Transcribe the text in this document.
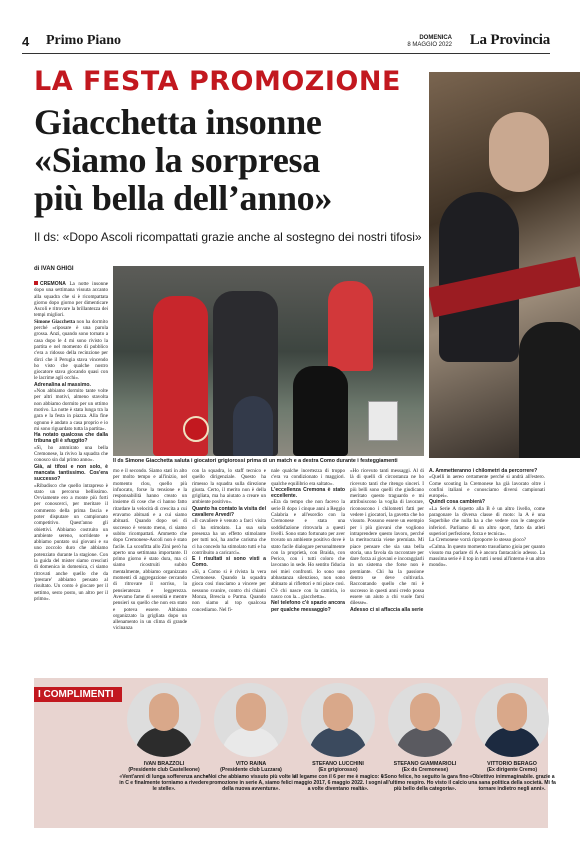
4 Primo Piano	DOMENICA
8 MAGGIO 2022 La Provincia
LA FESTA PROMOZIONE
Giacchetta insonne
«Siamo la sorpresa
più bella dell’anno»
Il ds: «Dopo Ascoli ricompattati grazie anche al sostegno dei nostri tifosi»
di IVAN GHIGI
Il ds Simone Giacchetta saluta i giocatori grigiorossi prima di un match e a destra Como durante i festeggiamenti

CREMONA La notte insonne dopo una settimana vissuta accanto alla squadra che si è ricompattata giorno dopo giorno per dimenticare Ascoli e ritrovare la brillantezza dei tempi migliori.

Simone Giacchetta non ha dormito perché «riposare è una parola grossa. Anzi, quando sono tornato a casa dopo le 4 mi sono rivisto la partita e nel momento di pubblico c'era a ridosso della recinzione per dirci che il Perugia stava vincendo ho visto che qualche nostro giocatore stava giocando quasi con le lacrime agli occhi».

Adrenalina al massimo.

«Non abbiamo dormito tante volte per altri motivi, almeno stavolta non abbiamo dormito per un ottimo motivo. La notte è stata lunga tra la gara e la festa in piazza. Alla fine ognuno è andato a casa proprio e io mi sono riguardato tutta la partita».

Ha notato qualcosa che dalla tribuna gli è sfuggito?

«Sì, ho ammirato una bella Cremonese, la rivivo la squadra che conosco sin dal primo anno».

Già, ai tifosi e non solo, è mancata tantissimo. Cos'era successo?

«Ribadisco che quello intrapreso è stato un percorso bellissimo. Ovviamente ero a monte più forti per conoscerci, per meritare il commento della prima fascia e poter disputare un campionato competitivo. Quest'anno gli obiettivi. Abbiamo costruito un ambiente sereno, sorridente e abbiamo puntato sui giovani e su uno zoccolo duro che abbiamo potenziato durante la stagione. Con la guida del mister siamo cresciuti di domenica in domenica, ci siamo ritrovati anche quello che da 'prestare' abbiamo pensato al risultato. Un conto è giocare per il settimo, sesto posto, un altro per il primo».

mo e il secondo. Siamo stati in alto per molto tempo e all'inizio, nel momento clou, quello più infuocato, forse la tensione e la responsabilità hanno creato un insieme di cose che ci hanno fatto ritardare la velocità di crescita a cui eravamo abituati e a cui siamo abituati. Quando dopo sei di successo è venuto meno, ci siamo subito ricompattati. Ammetto che dopo Cremonese-Ascoli non è stato facile. La sconfitta allo Zini però ha aperto una settimana importante. Il primo giorno è stato dura, ma ci siamo ricostruiti subito mentalmente, abbiamo organizzato momenti di aggregazione cercando di ritrovare il sorriso, la pensieratezza e leggerezza. Avevamo fame di serenità e mentre pensieri su quello che non era stato e poteva essere. Abbiamo organizzato la grigliata dopo un allenamento in un clima di grande vicinanza

con la squadra, lo staff tecnico e quello dirigenziale. Questo ha rimesso la squadra sulla direzione giusta. Certo, il merito non è della grigliata, ma ha aiutato a creare un ambiente positivo».

Quanto ha contato la visita del cavaliere Arvedi?

«Il cavaliere è venuto a farci visita ci ha stimolato. La sua sola presenza ha un effetto stimolante per tutti noi, ha anche carisma che ci ha concedo ha stimolato tutti e ha contribuito a caricarci».

E i risultati si sono visti a Como.

«Sì, a Como si è rivista la vera Cremonese. Quando la squadra gioca così riusciamo a vincere per nessuno svanire, contro chi chiami Monza, Brescia o Parma. Quando non siamo al top qualcosa concediamo. Nel fi-

nale qualche incertezza di troppo c'era va condizionato i maggiori. qualche equilibrio era saltato».

L'eccellenza Cremona è stato eccellente.

«Era da tempo che non facevo la serie B dopo i cinque anni a Reggio Calabria e all'esordio con la Cremonese e stata una soddisfazione ritrovarla a questi livelli. Sono stato fortunato per aver trovato un ambiente positivo dove è stato facile dialogare personalmente con la proprietà, con Braida, con Perico, con i tutti coloro che lavorano in sede. Ho sentito fiducia nei miei confronti. Io sono uno abbastanza silenzioso, non sono abituato ai riflettori e mi piace così. C'è chi nasce con la camicia, io nasco con la... giacchetta».

Nel telefono c'è spazio ancora per qualche messaggio?

«Ho ricevuto tanti messaggi. Al di là di quelli di circostanza ne ho ricevuto tanti che ritengo sinceri. I più belli sono quelli che giudicano meritato questo traguardo e mi attribuiscono la voglia di lavorare, riconoscono i chilometri fatti per vedere i giocatori, la gavetta che ho vissuto. Possono essere un esempio per i più giovani che vogliono intraprendere questo lavoro, perché la meritocrazia viene premiata. Mi piace pensare che sia una bella storia, una favola da raccontare per dare forza ai giovani e incoraggiarli in un sistema che forse non è premiante. Chi ha la passione dentro se deve coltivarla. Raccontando quello che mi è successo in questi anni credo possa essere un aiuto a chi vuole farsi dilesse».

Adesso ci si affaccia alla serie

A. Ammetteranno i chilometri da percorrere?

«Quelli in aereo certamente perché si andrà all'estero. Come scouting la Cremonese ha già lavorato oltre i confini italiani e conosciamo diversi campionati europei».

Quindi cosa cambierà?

«La Serie A rispetto alla B è un altro livello, come paragonare la diversa classe di moto: la A è una Superbike che nulla ha a che vedere con le categorie inferiori. Parliamo di un altro sport, fatto da atleti superiori perfezione, forza e tecnica».

La Cremonese vorrà riproporre lo stesso gioco?

«Calma. In questo momento trasudiamo gioia per quanto vissuto ma parlare di A è ancora fantacalcio adesso. La massima serie è il top in tutti i sensi all'interno è un altro mondo».

I COMPLIMENTI
IVAN BRAZZOLI
(Presidente club Castelleone)
«Vent'anni di lunga sofferenza anche in C e finalmente torniamo a rivedere le stelle».
VITO RAINA
(Presidente club Luzzara)
«Noi che abbiamo vissuto più volte la promozione in serie A, siamo felici della nuova avventura».
STEFANO LUCCHINI
(Ex grigiorosso)
«Il legame con il 6 per me è magico: 6 maggio 2017, 6 maggio 2022. I sogni a volte diventano realtà».
STEFANO GIAMMARIOLI
(Ex ds Cremonese)
«Sono felice, ho seguito la gara fino all'ultimo respiro. Ho visto il calcio più bello della categoria».
VITTORIO BERAGO
(Ex dirigente Cremo)
«Obiettivo inimmaginabile. grazie a una sana politica della società. Mi fa tornare indietro negli anni».
